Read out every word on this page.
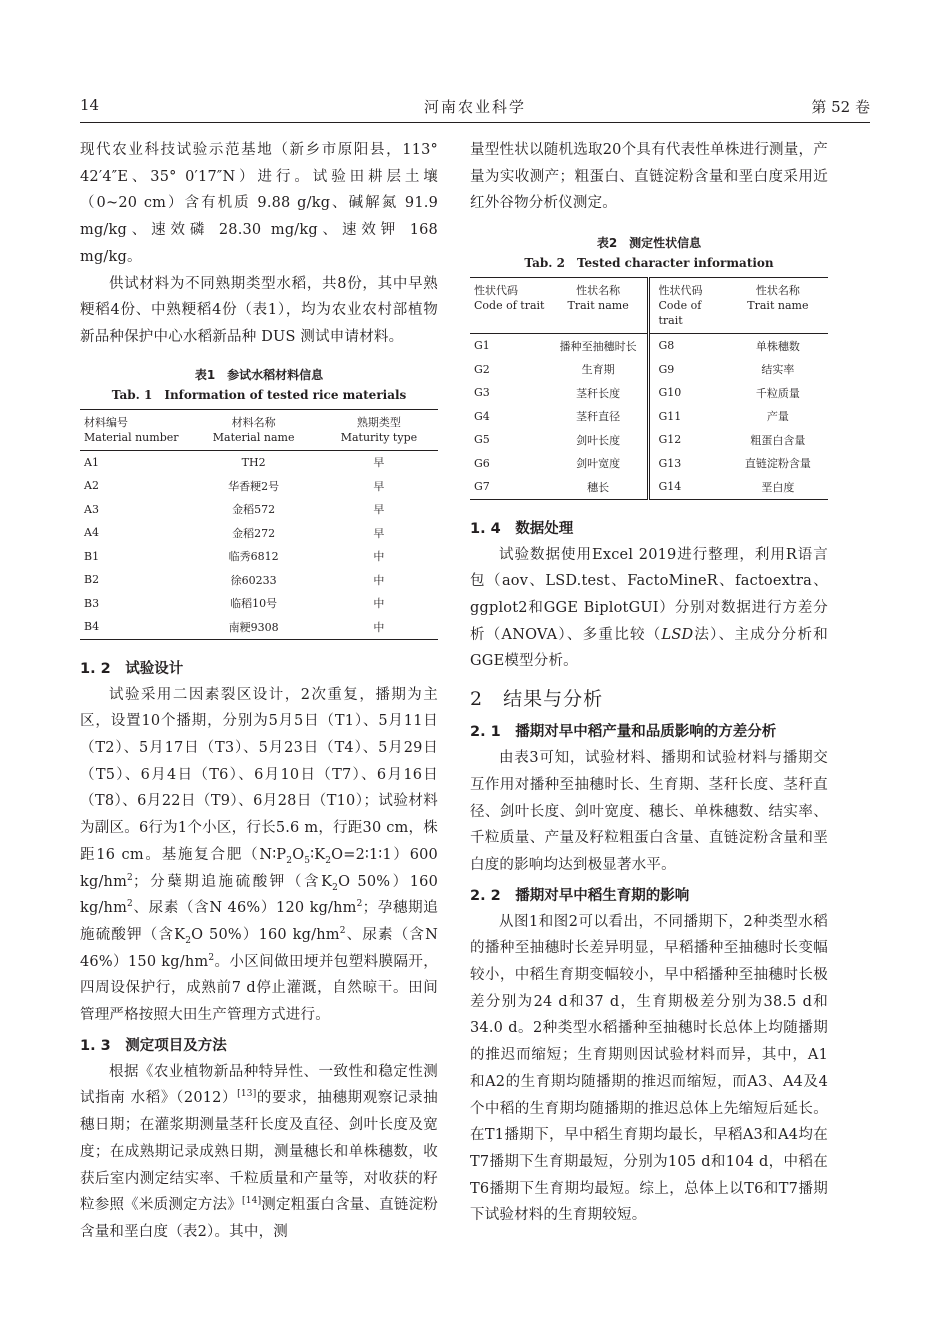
14	河南农业科学	第 52 卷

现代农业科技试验示范基地（新乡市原阳县，113° 42′4″E、35° 0′17″N）进行。试验田耕层土壤（0~20 cm）含有机质 9.88 g/kg、碱解氮 91.9 mg/kg、速效磷 28.30 mg/kg、速效钾 168 mg/kg。

供试材料为不同熟期类型水稻，共8份，其中早熟粳稻4份、中熟粳稻4份（表1），均为农业农村部植物新品种保护中心水稻新品种 DUS 测试申请材料。

表1　参试水稻材料信息

Tab. 1　Information of tested rice materials

材料编号
Material number	材料名称
Material name	熟期类型
Maturity type
A1	TH2	早
A2	华香粳2号	早
A3	金稻572	早
A4	金稻272	早
B1	临秀6812	中
B2	徐60233	中
B3	临稻10号	中
B4	南粳9308	中
1. 2　试验设计

试验采用二因素裂区设计，2次重复，播期为主区，设置10个播期，分别为5月5日（T1）、5月11日（T2）、5月17日（T3）、5月23日（T4）、5月29日（T5）、6月4日（T6）、6月10日（T7）、6月16日（T8）、6月22日（T9）、6月28日（T10）；试验材料为副区。6行为1个小区，行长5.6 m，行距30 cm，株距16 cm。基施复合肥$(N∶P_2O_5∶K_2O=2∶1∶1)600$ $kg/hm^2$；分蘖期追施硫酸钾（含$K_2O$ 50%）160 $kg/hm^2$、尿素（含N 46%）120 $kg/hm^2$；孕穗期追施硫酸钾（含$K_2O$ 50%）160 $kg/hm^2$、尿素（含N 46%）150 $kg/hm^2$。小区间做田埂并包塑料膜隔开，四周设保护行，成熟前7 d停止灌溉，自然晾干。田间管理严格按照大田生产管理方式进行。

1. 3　测定项目及方法

根据《农业植物新品种特异性、一致性和稳定性测试指南 水稻》（2012）[13]的要求，抽穗期观察记录抽穗日期；在灌浆期测量茎秆长度及直径、剑叶长度及宽度；在成熟期记录成熟日期，测量穗长和单株穗数，收获后室内测定结实率、千粒质量和产量等，对收获的籽粒参照《米质测定方法》[14]测定粗蛋白含量、直链淀粉含量和垩白度（表2）。其中，测

量型性状以随机选取20个具有代表性单株进行测量，产量为实收测产；粗蛋白、直链淀粉含量和垩白度采用近红外谷物分析仪测定。

表2　测定性状信息

Tab. 2　Tested character information

性状代码
Code of trait	性状名称
Trait name	性状代码
Code of trait	性状名称
Trait name
G1	播种至抽穗时长	G8	单株穗数
G2	生育期	G9	结实率
G3	茎秆长度	G10	千粒质量
G4	茎秆直径	G11	产量
G5	剑叶长度	G12	粗蛋白含量
G6	剑叶宽度	G13	直链淀粉含量
G7	穗长	G14	垩白度
1. 4　数据处理

试验数据使用Excel 2019进行整理，利用R语言包（aov、LSD.test、FactoMineR、factoextra、ggplot2和GGE BiplotGUI）分别对数据进行方差分析（ANOVA）、多重比较（LSD法）、主成分分析和GGE模型分析。

2　结果与分析
2. 1　播期对早中稻产量和品质影响的方差分析

由表3可知，试验材料、播期和试验材料与播期交互作用对播种至抽穗时长、生育期、茎秆长度、茎秆直径、剑叶长度、剑叶宽度、穗长、单株穗数、结实率、千粒质量、产量及籽粒粗蛋白含量、直链淀粉含量和垩白度的影响均达到极显著水平。

2. 2　播期对早中稻生育期的影响

从图1和图2可以看出，不同播期下，2种类型水稻的播种至抽穗时长差异明显，早稻播种至抽穗时长变幅较小，中稻生育期变幅较小，早中稻播种至抽穗时长极差分别为24 d和37 d，生育期极差分别为38.5 d和34.0 d。2种类型水稻播种至抽穗时长总体上均随播期的推迟而缩短；生育期则因试验材料而异，其中，A1和A2的生育期均随播期的推迟而缩短，而A3、A4及4个中稻的生育期均随播期的推迟总体上先缩短后延长。在T1播期下，早中稻生育期均最长，早稻A3和A4均在T7播期下生育期最短，分别为105 d和104 d，中稻在T6播期下生育期均最短。综上，总体上以T6和T7播期下试验材料的生育期较短。
